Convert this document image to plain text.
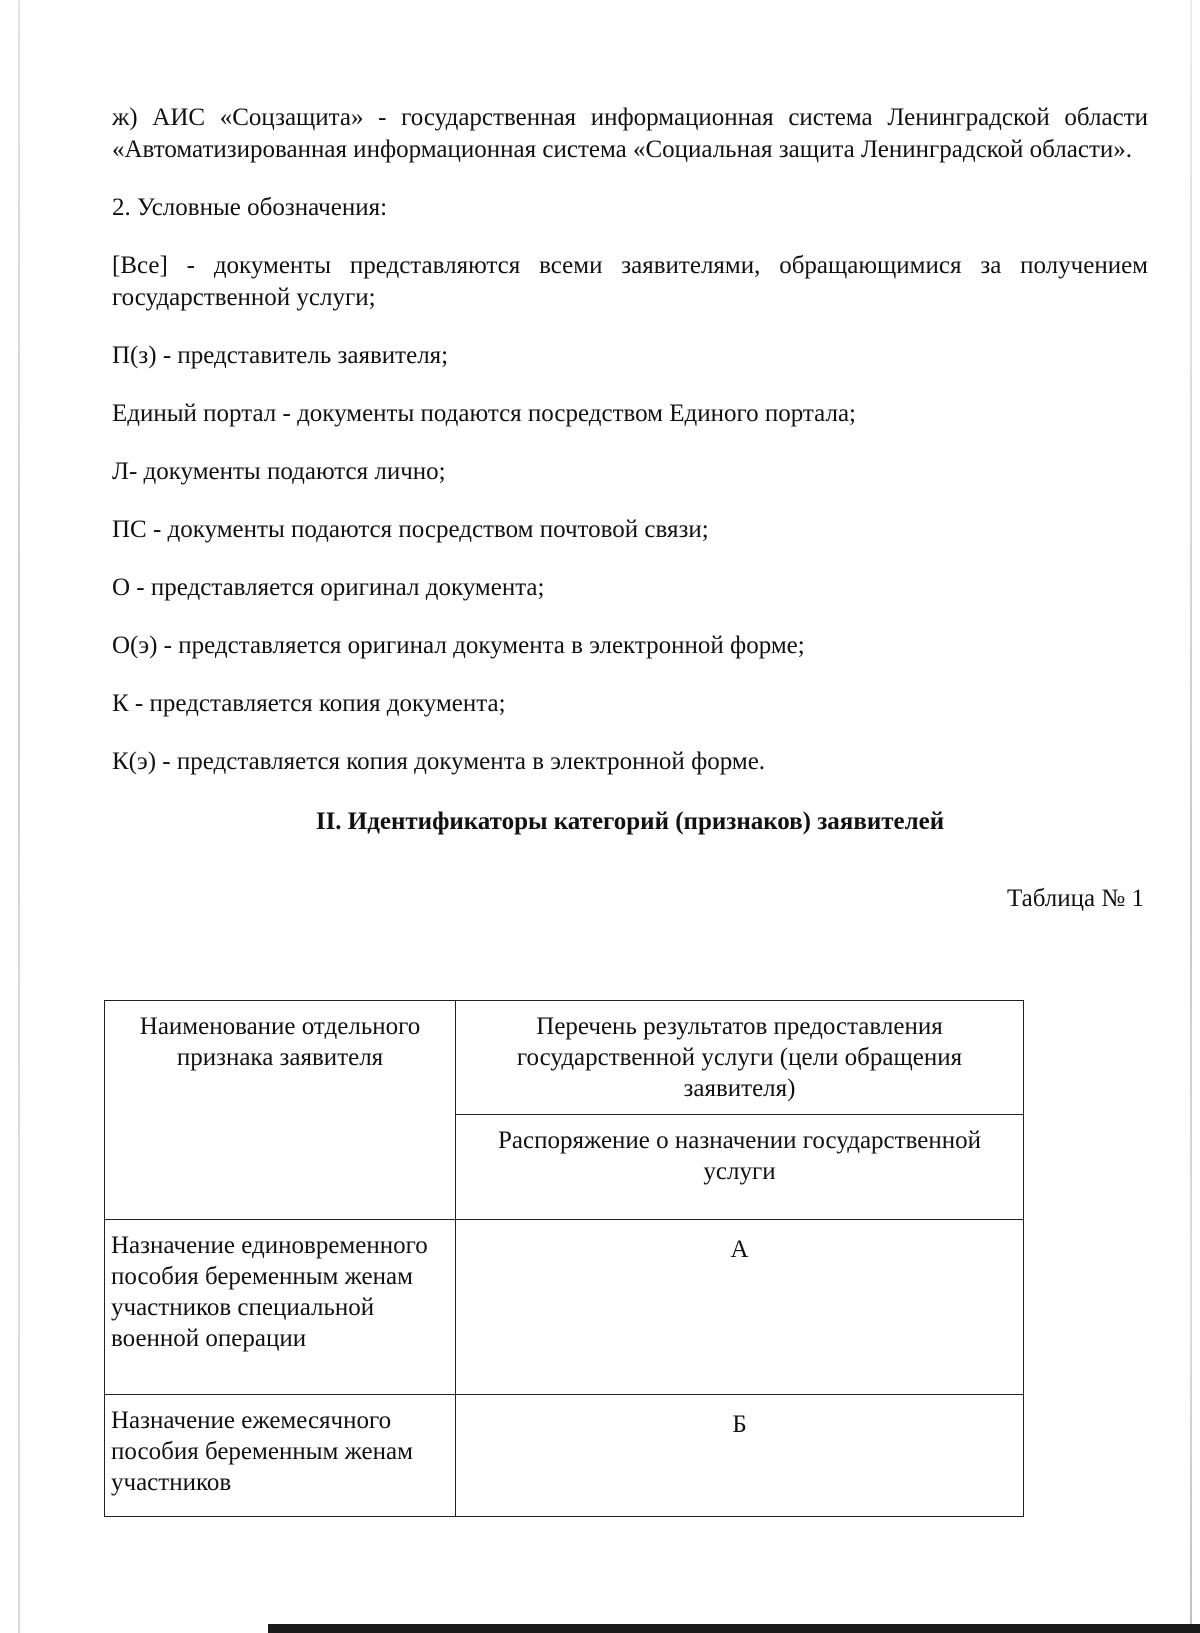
ж) АИС «Соцзащита» - государственная информационная система Ленинградской области «Автоматизированная информационная система «Социальная защита Ленинградской области».

2. Условные обозначения:

[Все] - документы представляются всеми заявителями, обращающимися за получением государственной услуги;

П(з) - представитель заявителя;

Единый портал - документы подаются посредством Единого портала;

Л- документы подаются лично;

ПС - документы подаются посредством почтовой связи;

О - представляется оригинал документа;

О(э) - представляется оригинал документа в электронной форме;

К - представляется копия документа;

К(э) - представляется копия документа в электронной форме.

II. Идентификаторы категорий (признаков) заявителей

Таблица № 1

Наименование отдельного признака заявителя	Перечень результатов предоставления государственной услуги (цели обращения заявителя)
	Распоряжение о назначении государственной услуги
Назначение единовременного пособия беременным женам участников специальной военной операции	А

Назначение ежемесячного пособия беременным женам участников	Б
